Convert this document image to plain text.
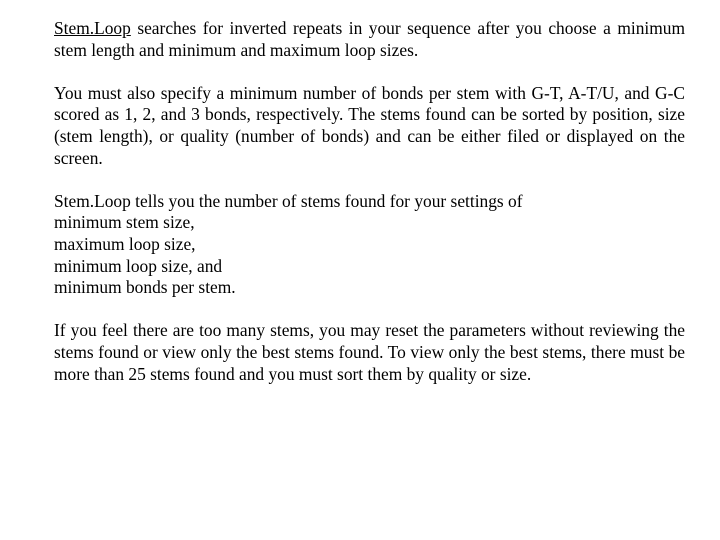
Stem.Loop searches for inverted repeats in your sequence after you choose a minimum stem length and minimum and maximum loop sizes.

You must also specify a minimum number of bonds per stem with G-T, A-T/U, and G-C scored as 1, 2, and 3 bonds, respectively. The stems found can be sorted by position, size (stem length), or quality (number of bonds) and can be either filed or displayed on the screen.

Stem.Loop tells you the number of stems found for your settings of
minimum stem size,
maximum loop size,
minimum loop size, and
minimum bonds per stem.

If you feel there are too many stems, you may reset the parameters without reviewing the stems found or view only the best stems found. To view only the best stems, there must be more than 25 stems found and you must sort them by quality or size.
